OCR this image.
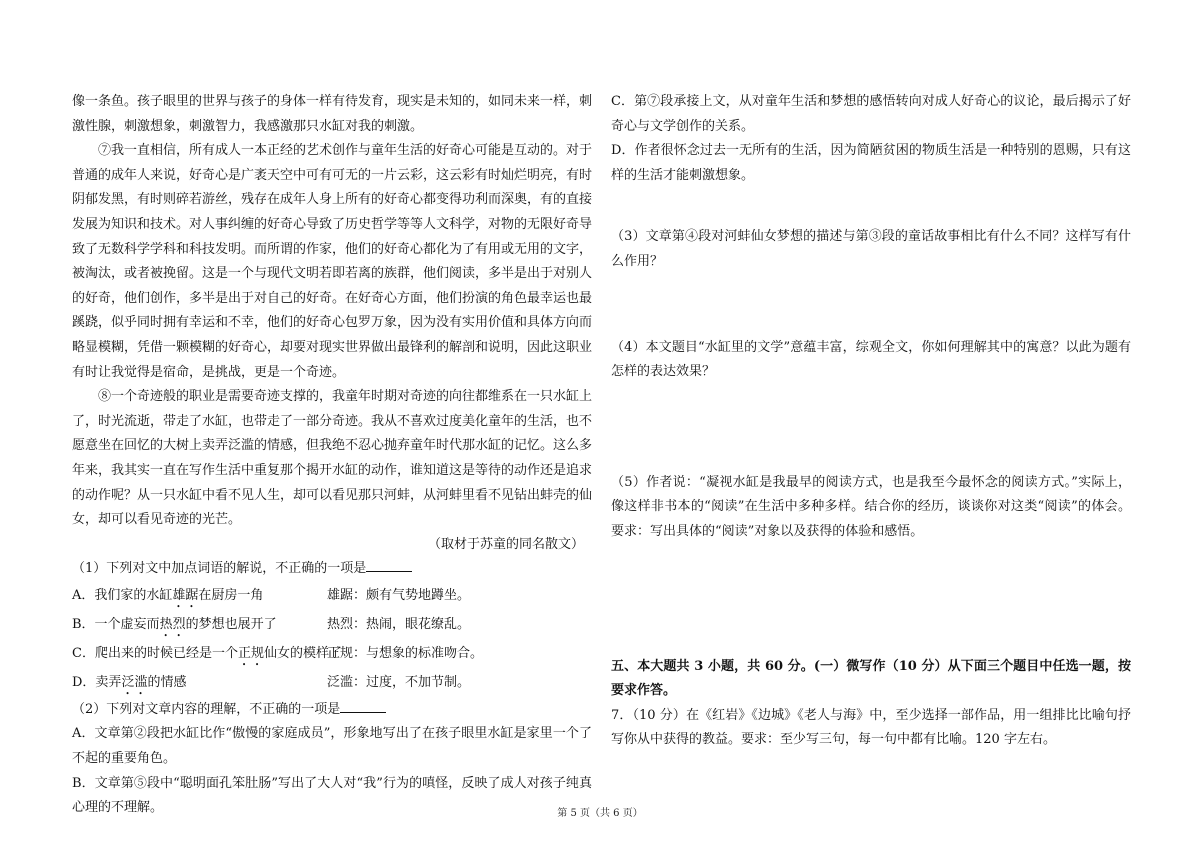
像一条鱼。孩子眼里的世界与孩子的身体一样有待发育，现实是未知的，如同未来一样，刺激性腺，刺激想象，刺激智力，我感激那只水缸对我的刺激。

⑦我一直相信，所有成人一本正经的艺术创作与童年生活的好奇心可能是互动的。对于普通的成年人来说，好奇心是广袤天空中可有可无的一片云彩，这云彩有时灿烂明亮，有时阴郁发黑，有时则碎若游丝，残存在成年人身上所有的好奇心都变得功利而深奥，有的直接发展为知识和技术。对人事纠缠的好奇心导致了历史哲学等等人文科学，对物的无限好奇导致了无数科学学科和科技发明。而所谓的作家，他们的好奇心都化为了有用或无用的文字，被淘汰，或者被挽留。这是一个与现代文明若即若离的族群，他们阅读，多半是出于对别人的好奇，他们创作，多半是出于对自己的好奇。在好奇心方面，他们扮演的角色最幸运也最蹊跷，似乎同时拥有幸运和不幸，他们的好奇心包罗万象，因为没有实用价值和具体方向而略显模糊，凭借一颗模糊的好奇心，却要对现实世界做出最锋利的解剖和说明，因此这职业有时让我觉得是宿命，是挑战，更是一个奇迹。

⑧一个奇迹般的职业是需要奇迹支撑的，我童年时期对奇迹的向往都维系在一只水缸上了，时光流逝，带走了水缸，也带走了一部分奇迹。我从不喜欢过度美化童年的生活，也不愿意坐在回忆的大树上卖弄泛滥的情感，但我绝不忍心抛弃童年时代那水缸的记忆。这么多年来，我其实一直在写作生活中重复那个揭开水缸的动作，谁知道这是等待的动作还是追求的动作呢？从一只水缸中看不见人生，却可以看见那只河蚌，从河蚌里看不见钻出蚌壳的仙女，却可以看见奇迹的光芒。

（取材于苏童的同名散文）

（1）下列对文中加点词语的解说，不正确的一项是
A．我们家的水缸雄踞在厨房一角	雄踞：颇有气势地蹲坐。
B．一个虚妄而热烈的梦想也展开了	热烈：热闹，眼花缭乱。
C．爬出来的时候已经是一个正规仙女的模样了
正规：与想象的标准吻合。
D．卖弄泛滥的情感	泛滥：过度，不加节制。
（2）下列对文章内容的理解，不正确的一项是

A．文章第②段把水缸比作“傲慢的家庭成员”，形象地写出了在孩子眼里水缸是家里一个了不起的重要角色。

B．文章第⑤段中“聪明面孔笨肚肠”写出了大人对“我”行为的嗔怪，反映了成人对孩子纯真心理的不理解。

C．第⑦段承接上文，从对童年生活和梦想的感悟转向对成人好奇心的议论，最后揭示了好奇心与文学创作的关系。

D．作者很怀念过去一无所有的生活，因为简陋贫困的物质生活是一种特别的恩赐，只有这样的生活才能刺激想象。

（3）文章第④段对河蚌仙女梦想的描述与第③段的童话故事相比有什么不同？这样写有什么作用？

（4）本文题目“水缸里的文学”意蕴丰富，综观全文，你如何理解其中的寓意？以此为题有怎样的表达效果？

（5）作者说：“凝视水缸是我最早的阅读方式，也是我至今最怀念的阅读方式。”实际上，像这样非书本的“阅读”在生活中多种多样。结合你的经历，谈谈你对这类“阅读”的体会。要求：写出具体的“阅读”对象以及获得的体验和感悟。

五、本大题共 3 小题，共 60 分。(一）微写作（10 分）从下面三个题目中任选一题，按要求作答。

7．（10 分）在《红岩》《边城》《老人与海》中，至少选择一部作品，用一组排比比喻句抒写你从中获得的教益。要求：至少写三句，每一句中都有比喻。120 字左右。

第 5 页（共 6 页）
